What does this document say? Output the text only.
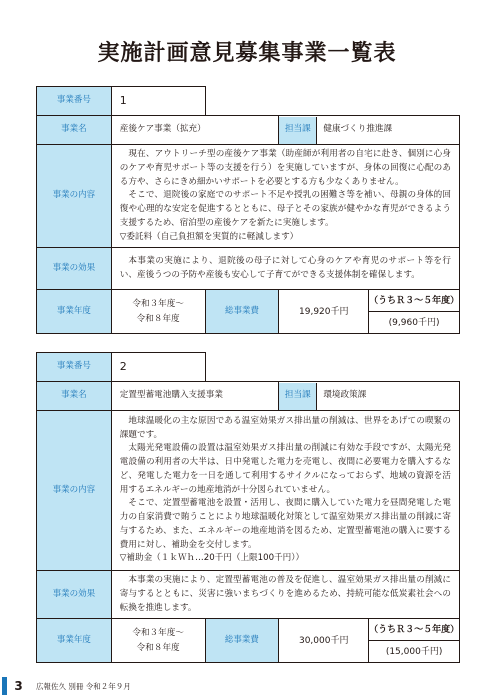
実施計画意見募集事業一覧表
事業番号	1			
事業名	産後ケア事業（拡充）		担当課 健康づくり推進課	

事業の内容	現在、アウトリーチ型の産後ケア事業（助産師が利用者の自宅に赴き、個別に心身のケアや育児サポート等の支援を行う）を実施していますが、身体の回復に心配のある方や、さらにきめ細かいサポートを必要とする方も少なくありません。

そこで、退院後の家庭でのサポート不足や授乳の困難さ等を補い、母親の身体的回復や心理的な安定を促進するとともに、母子とその家族が健やかな育児ができるよう支援するため、宿泊型の産後ケアを新たに実施します。

▽委託料（自己負担額を実質的に軽減します）			

事業の効果	本事業の実施により、退院後の母子に対して心身のケアや育児のサポート等を行い、産後うつの予防や産後も安心して子育てができる支援体制を確保します。			

事業年度	令和３年度～
令和８年度	総事業費	19,920千円	（うちＲ３～５年度）
				(9,960千円)
事業番号	2			
事業名	定置型蓄電池購入支援事業		担当課 環境政策課	

事業の内容	地球温暖化の主な原因である温室効果ガス排出量の削減は、世界をあげての喫緊の課題です。

太陽光発電設備の設置は温室効果ガス排出量の削減に有効な手段ですが、太陽光発電設備の利用者の大半は、日中発電した電力を売電し、夜間に必要電力を購入するなど、発電した電力を一日を通して利用するサイクルになっておらず、地域の資源を活用するエネルギーの地産地消が十分図られていません。

そこで、定置型蓄電池を設置・活用し、夜間に購入していた電力を昼間発電した電力の自家消費で賄うことにより地球温暖化対策として温室効果ガス排出量の削減に寄与するため、また、エネルギーの地産地消を図るため、定置型蓄電池の購入に要する費用に対し、補助金を交付します。

▽補助金（１ｋＷｈ…20千円（上限100千円））			

事業の効果	本事業の実施により、定置型蓄電池の普及を促進し、温室効果ガス排出量の削減に寄与するとともに、災害に強いまちづくりを進めるため、持続可能な低炭素社会への転換を推進します。			

事業年度	令和３年度～
令和８年度	総事業費	30,000千円	（うちＲ３～５年度）
				(15,000千円)
3	広報佐久 別冊 令和２年９月
